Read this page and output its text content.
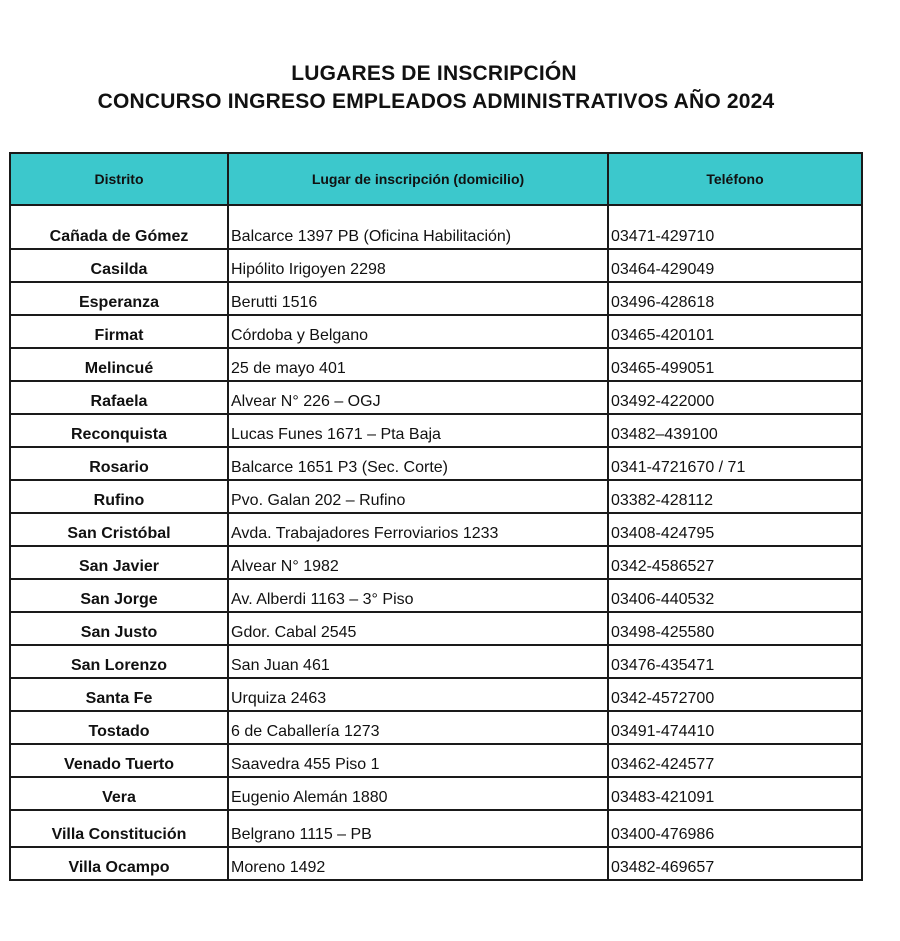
LUGARES DE INSCRIPCIÓN
CONCURSO INGRESO EMPLEADOS ADMINISTRATIVOS AÑO 2024
Distrito	Lugar de inscripción (domicilio)	Teléfono
Cañada de Gómez	Balcarce 1397 PB (Oficina Habilitación)	03471-429710
Casilda	Hipólito Irigoyen 2298	03464-429049
Esperanza	Berutti 1516	03496-428618
Firmat	Córdoba y Belgano	03465-420101
Melincué	25 de mayo 401	03465-499051
Rafaela	Alvear N° 226 – OGJ	03492-422000
Reconquista	Lucas Funes 1671 – Pta Baja	03482–439100
Rosario	Balcarce 1651 P3 (Sec. Corte)	0341-4721670 / 71
Rufino	Pvo. Galan 202 – Rufino	03382-428112
San Cristóbal	Avda. Trabajadores Ferroviarios 1233	03408-424795
San Javier	Alvear N° 1982	0342-4586527
San Jorge	Av. Alberdi 1163 – 3° Piso	03406-440532
San Justo	Gdor. Cabal 2545	03498-425580
San Lorenzo	San Juan 461	03476-435471
Santa Fe	Urquiza 2463	0342-4572700
Tostado	6 de Caballería 1273	03491-474410
Venado Tuerto	Saavedra 455 Piso 1	03462-424577
Vera	Eugenio Alemán 1880	03483-421091
Villa Constitución	Belgrano 1115 – PB	03400-476986
Villa Ocampo	Moreno 1492	03482-469657
